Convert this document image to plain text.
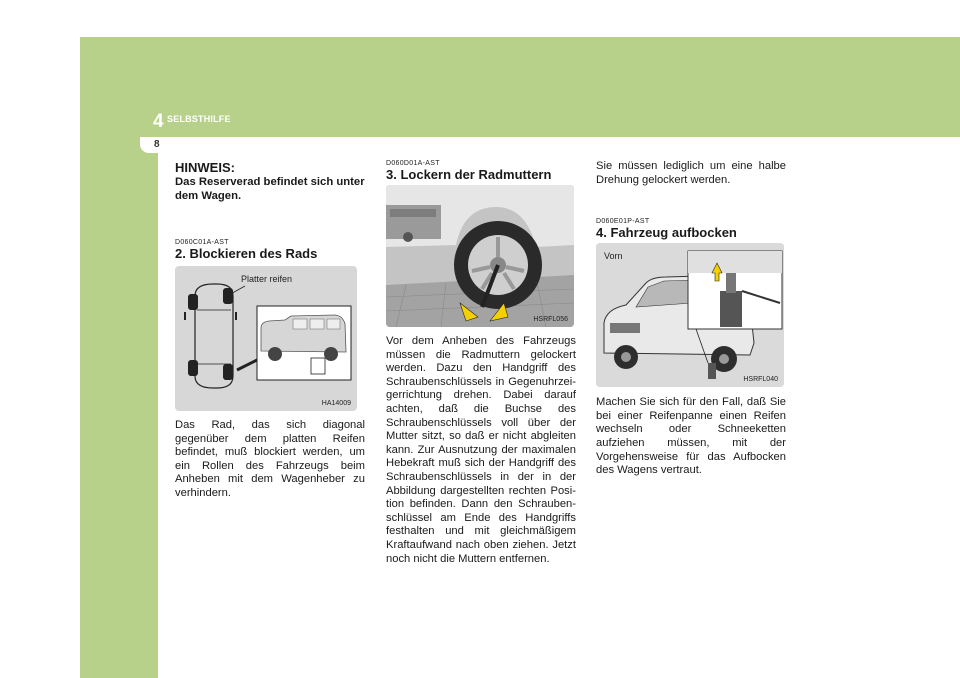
4 SELBSTHILFE
8

HINWEIS:

Das Reserverad befindet sich unter dem Wagen.

D060C01A-AST

2. Blockieren des Rads

Platter reifen
HA14009

Das Rad, das sich diagonal gegenüber dem platten Reifen befindet, muß blockiert werden, um ein Rollen des Fahrzeugs beim Anheben mit dem Wagenheber zu verhindern.

D060D01A-AST

3. Lockern der Radmuttern

HSRFL056

Vor dem Anheben des Fahrzeugs müssen die Radmuttern gelockert werden. Dazu den Handgriff des Schraubenschlüssels in Gegenuhrzei-gerrichtung drehen. Dabei darauf achten, daß die Buchse des Schraubenschlüssels voll über der Mutter sitzt, so daß er nicht abgleiten kann. Zur Ausnutzung der maximalen Hebekraft muß sich der Handgriff des Schraubenschlüssels in der in der Abbildung dargestellten rechten Posi-tion befinden. Dann den Schrauben-schlüssel am Ende des Handgriffs festhalten und mit gleichmäßigem Kraftaufwand nach oben ziehen. Jetzt noch nicht die Muttern entfernen.

Sie müssen lediglich um eine halbe Drehung gelockert werden.

D060E01P-AST

4. Fahrzeug aufbocken

Vorn
HSRFL040

Machen Sie sich für den Fall, daß Sie bei einer Reifenpanne einen Reifen wechseln oder Schneeketten aufziehen müssen, mit der Vorgehensweise für das Aufbocken des Wagens vertraut.
